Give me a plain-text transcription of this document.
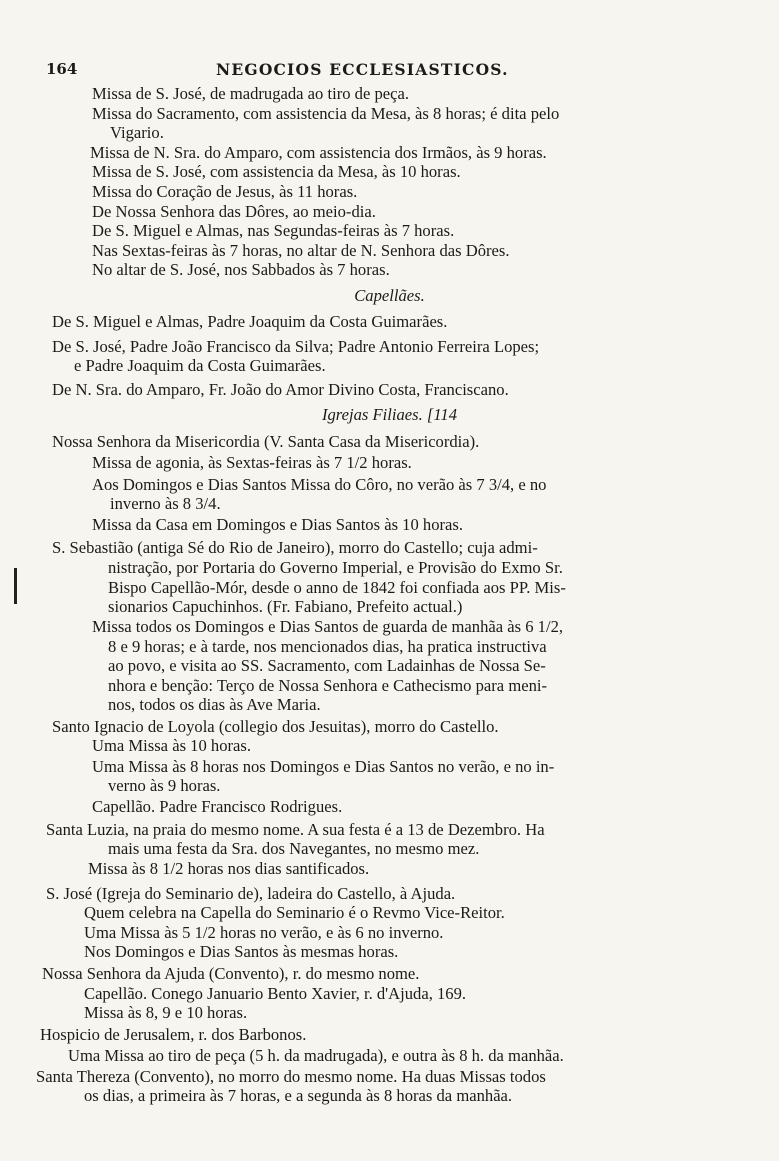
164	NEGOCIOS ECCLESIASTICOS.
Missa de S. José, de madrugada ao tiro de peça.
Missa do Sacramento, com assistencia da Mesa, às 8 horas; é dita pelo
Vigario.
Missa de N. Sra. do Amparo, com assistencia dos Irmãos, às 9 horas.
Missa de S. José, com assistencia da Mesa, às 10 horas.
Missa do Coração de Jesus, às 11 horas.
De Nossa Senhora das Dôres, ao meio-dia.
De S. Miguel e Almas, nas Segundas-feiras às 7 horas.
Nas Sextas-feiras às 7 horas, no altar de N. Senhora das Dôres.
No altar de S. José, nos Sabbados às 7 horas.
Capellães.
De S. Miguel e Almas, Padre Joaquim da Costa Guimarães.
De S. José, Padre João Francisco da Silva; Padre Antonio Ferreira Lopes;
e Padre Joaquim da Costa Guimarães.
De N. Sra. do Amparo, Fr. João do Amor Divino Costa, Franciscano.
Igrejas Filiaes. [114
Nossa Senhora da Misericordia (V. Santa Casa da Misericordia).
Missa de agonia, às Sextas-feiras às 7 1/2 horas.
Aos Domingos e Dias Santos Missa do Côro, no verão às 7 3/4, e no
inverno às 8 3/4.
Missa da Casa em Domingos e Dias Santos às 10 horas.
S. Sebastião (antiga Sé do Rio de Janeiro), morro do Castello; cuja admi-
nistração, por Portaria do Governo Imperial, e Provisão do Exmo Sr.
Bispo Capellão-Mór, desde o anno de 1842 foi confiada aos PP. Mis-
sionarios Capuchinhos. (Fr. Fabiano, Prefeito actual.)
Missa todos os Domingos e Dias Santos de guarda de manhãa às 6 1/2,
8 e 9 horas; e à tarde, nos mencionados dias, ha pratica instructiva
ao povo, e visita ao SS. Sacramento, com Ladainhas de Nossa Se-
nhora e benção: Terço de Nossa Senhora e Cathecismo para meni-
nos, todos os dias às Ave Maria.
Santo Ignacio de Loyola (collegio dos Jesuitas), morro do Castello.
Uma Missa às 10 horas.
Uma Missa às 8 horas nos Domingos e Dias Santos no verão, e no in-
verno às 9 horas.
Capellão. Padre Francisco Rodrigues.
Santa Luzia, na praia do mesmo nome. A sua festa é a 13 de Dezembro. Ha
mais uma festa da Sra. dos Navegantes, no mesmo mez.
Missa às 8 1/2 horas nos dias santificados.
S. José (Igreja do Seminario de), ladeira do Castello, à Ajuda.
Quem celebra na Capella do Seminario é o Revmo Vice-Reitor.
Uma Missa às 5 1/2 horas no verão, e às 6 no inverno.
Nos Domingos e Dias Santos às mesmas horas.
Nossa Senhora da Ajuda (Convento), r. do mesmo nome.
Capellão. Conego Januario Bento Xavier, r. d'Ajuda, 169.
Missa às 8, 9 e 10 horas.
Hospicio de Jerusalem, r. dos Barbonos.
Uma Missa ao tiro de peça (5 h. da madrugada), e outra às 8 h. da manhãa.
Santa Thereza (Convento), no morro do mesmo nome. Ha duas Missas todos
os dias, a primeira às 7 horas, e a segunda às 8 horas da manhãa.
